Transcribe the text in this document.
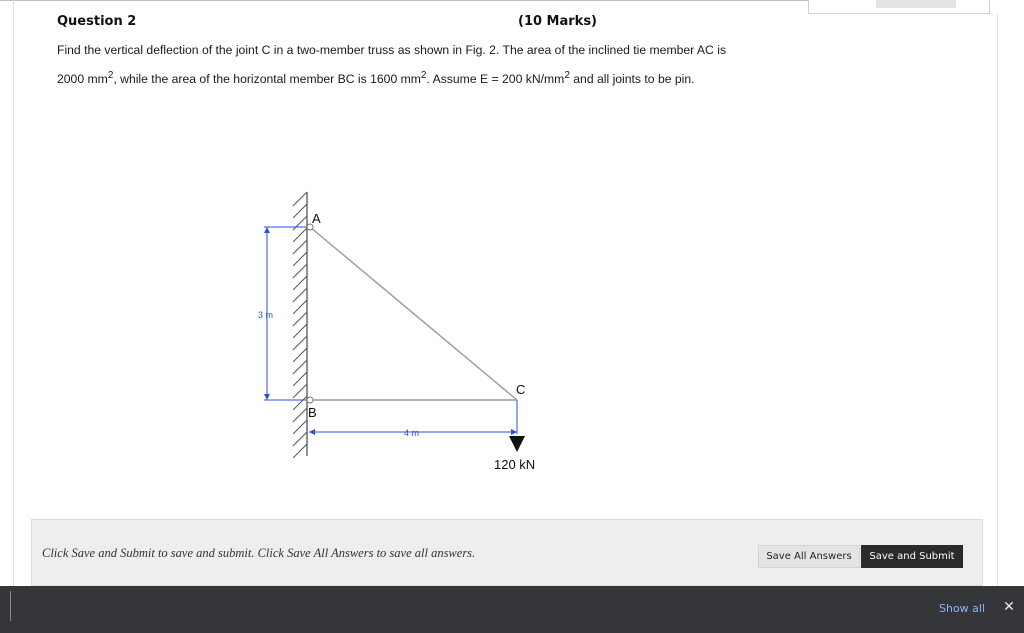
Question 2	(10 Marks)
Find the vertical deflection of the joint C in a two-member truss as shown in Fig. 2. The area of the inclined tie member AC is
2000 $mm^2$, while the area of the horizontal member BC is 1600 $mm^2$. Assume E = 200 $kN/mm^2$ and all joints to be pin.
A
B
C
3 m
4 m
120 kN
Click Save and Submit to save and submit. Click Save All Answers to save all answers.	Save All Answers	Save and Submit
Show all ✕
